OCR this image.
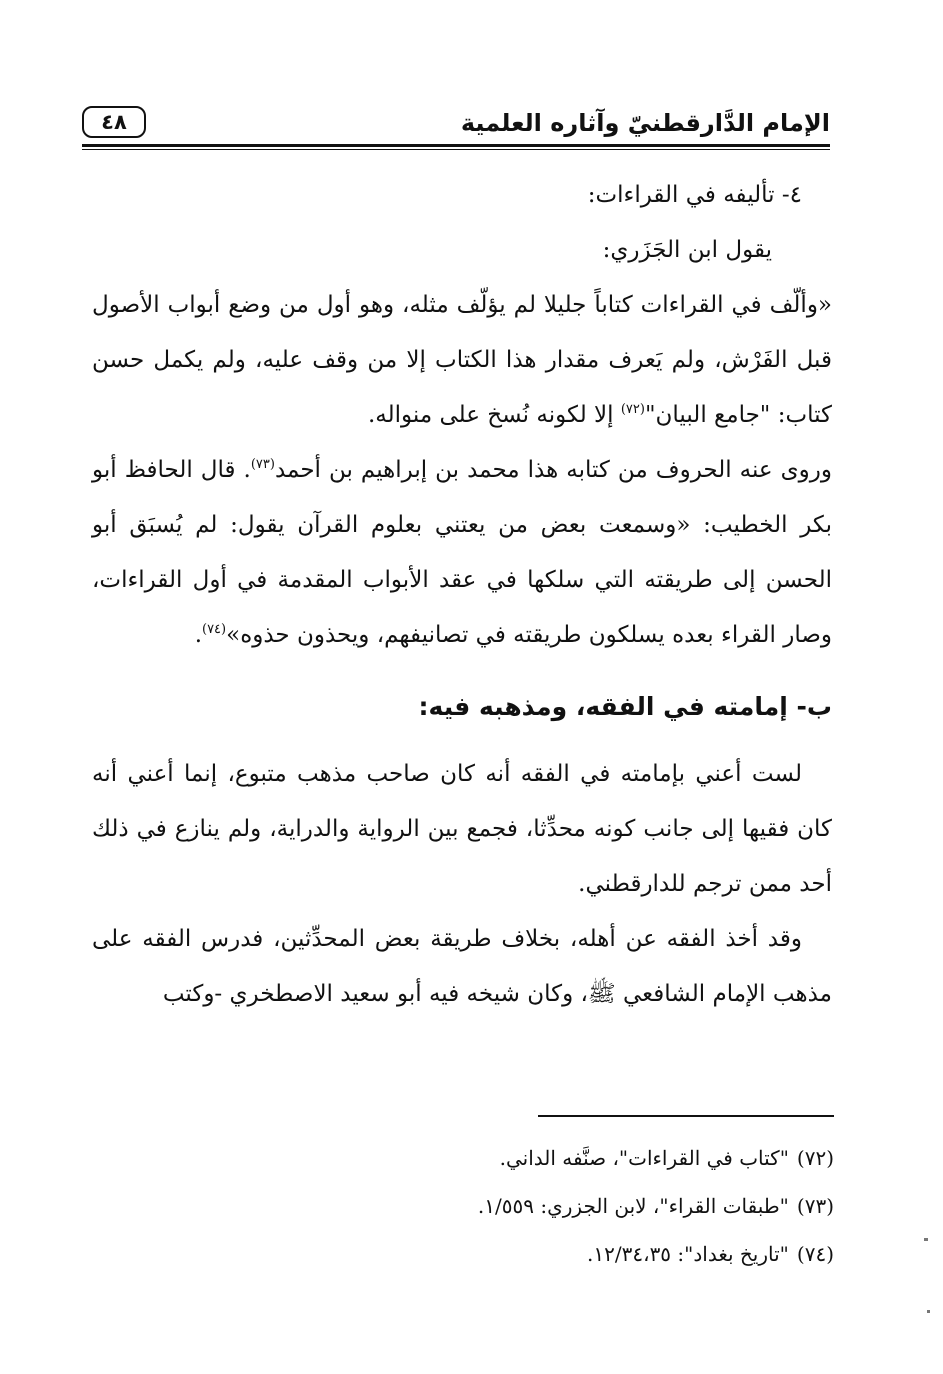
الإمام الدَّارقطنيّ وآثاره العلمية
٤٨

٤- تأليفه في القراءات:

يقول ابن الجَزَري:

«وألّف في القراءات كتاباً جليلا لم يؤلّف مثله، وهو أول من وضع أبواب الأصول قبل الفَرْش، ولم يَعرف مقدار هذا الكتاب إلا من وقف عليه، ولم يكمل حسن كتاب: "جامع البيان"$^{(٧٢)}$ إلا لكونه نُسخ على منواله.

وروى عنه الحروف من كتابه هذا محمد بن إبراهيم بن أحمد$^{(٧٣)}$. قال الحافظ أبو بكر الخطيب: «وسمعت بعض من يعتني بعلوم القرآن يقول: لم يُسبَق أبو الحسن إلى طريقته التي سلكها في عقد الأبواب المقدمة في أول القراءات، وصار القراء بعده يسلكون طريقته في تصانيفهم، ويحذون حذوه»$^{(٧٤)}$.

ب- إمامته في الفقه، ومذهبه فيه:

لست أعني بإمامته في الفقه أنه كان صاحب مذهب متبوع، إنما أعني أنه كان فقيها إلى جانب كونه محدِّثا، فجمع بين الرواية والدراية، ولم ينازع في ذلك أحد ممن ترجم للدارقطني.

وقد أخذ الفقه عن أهله، بخلاف طريقة بعض المحدِّثين، فدرس الفقه على مذهب الإمام الشافعي ﷺ، وكان شيخه فيه أبو سعيد الاصطخري -وكتب

(٧٢)"كتاب في القراءات"، صنَّفه الداني.
(٧٣)"طبقات القراء"، لابن الجزري: ١/٥٥٩.
(٧٤)"تاريخ بغداد": ١٢/٣٤،٣٥.
